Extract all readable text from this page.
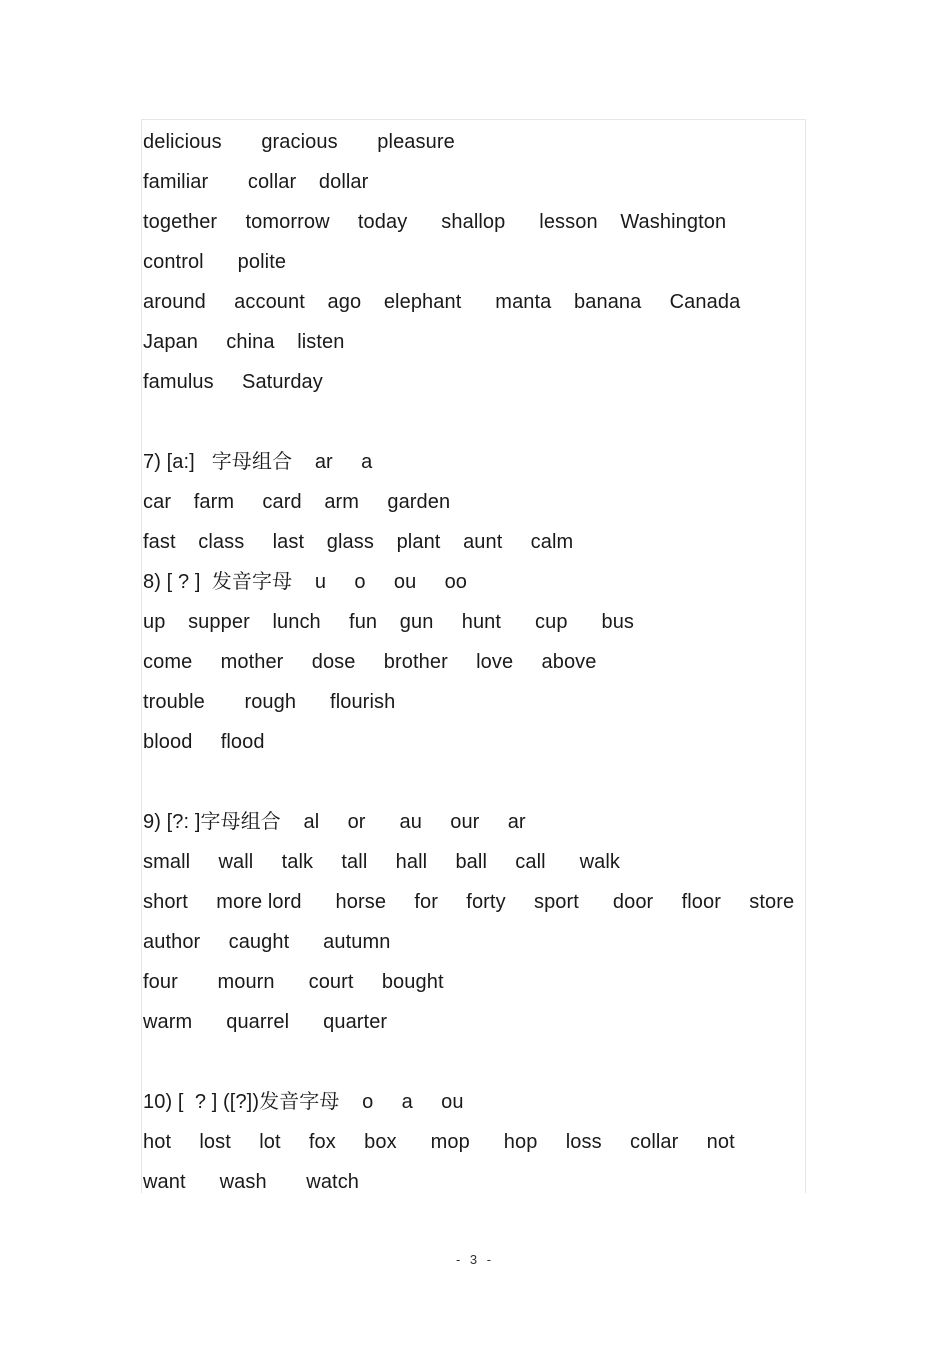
delicious       gracious       pleasure
familiar       collar    dollar
together     tomorrow     today      shallop      lesson    Washington
control      polite
around     account    ago    elephant      manta    banana     Canada
Japan     china    listen
famulus     Saturday
7) [a:]   字母组合    ar     a
car    farm     card    arm     garden
fast    class     last    glass    plant    aunt     calm
8) [ ? ]  发音字母    u     o     ou     oo
up    supper    lunch     fun    gun     hunt      cup      bus
come     mother     dose     brother     love     above
trouble       rough      flourish
blood     flood
9) [?: ]字母组合    al     or      au     our     ar
small     wall     talk     tall     hall     ball     call      walk
short     more lord      horse     for     forty     sport      door     floor     store
author     caught      autumn
four       mourn      court     bought
warm      quarrel      quarter
10) [  ? ] ([?])发音字母    o     a     ou
hot     lost     lot     fox     box      mop      hop     loss     collar     not
want      wash       watch
- 3 -
